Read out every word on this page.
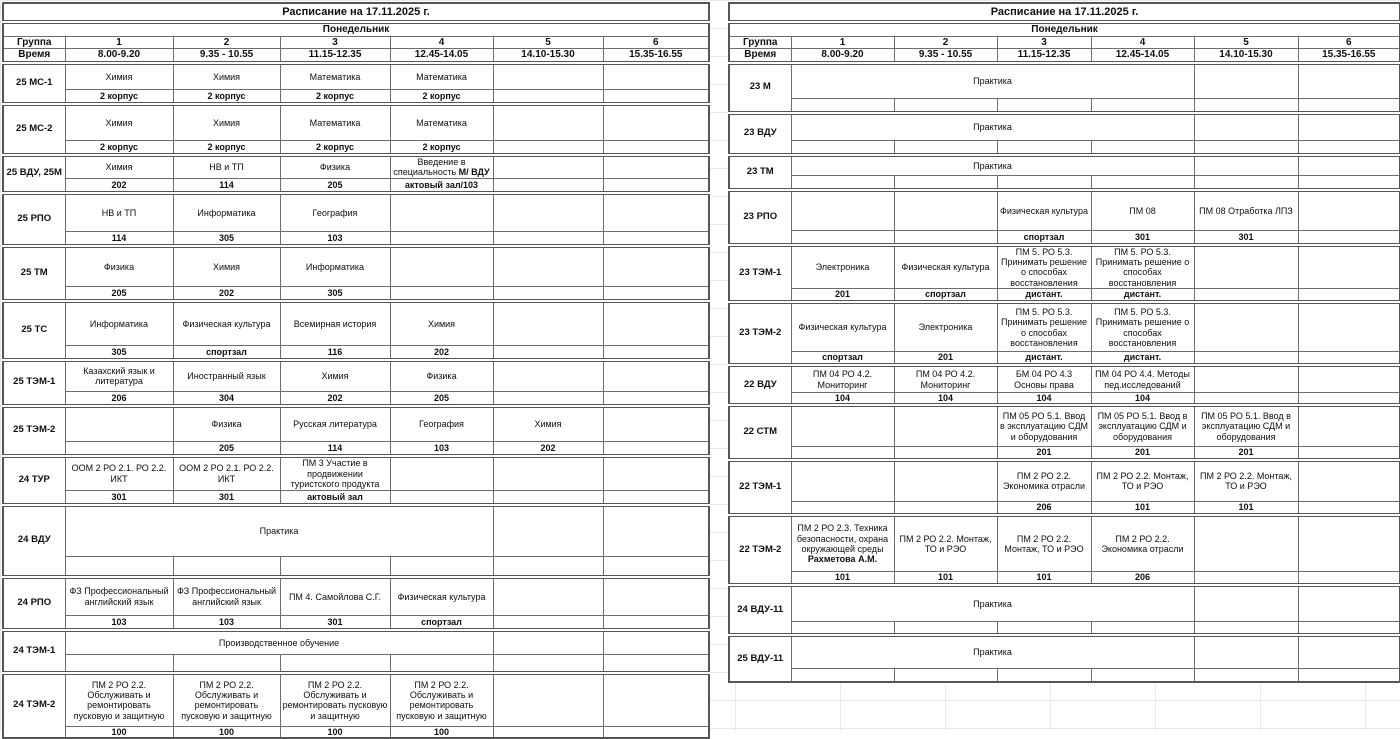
Расписание на 17.11.2025 г.						
Понедельник						
Группа	1	2	3	4	5	6
Время	8.00-9.20	9.35 - 10.55	11.15-12.35	12.45-14.05	14.10-15.30	15.35-16.55
25 МС-1	Химия	Химия	Математика	Математика		
	2 корпус	2 корпус	2 корпус	2 корпус		
25 МС-2	Химия	Химия	Математика	Математика		
	2 корпус	2 корпус	2 корпус	2 корпус		
25 ВДУ, 25М	Химия	НВ и ТП	Физика	Введение в специальность М/ ВДУ		
	202	114	205	актовый зал/103		
25 РПО	НВ и ТП	Информатика	География			
	114	305	103			
25 ТМ	Физика	Химия	Информатика			
	205	202	305			
25 ТС	Информатика	Физическая культура	Всемирная история	Химия		
	305	спортзал	116	202		
25 ТЭМ-1	Казахский язык и литература	Иностранный язык	Химия	Физика		
	206	304	202	205		
25 ТЭМ-2		Физика	Русская литература	География	Химия	
		205	114	103	202	
24 ТУР	ООМ 2 РО 2.1. РО 2.2. ИКТ	ООМ 2 РО 2.1. РО 2.2. ИКТ	ПМ 3 Участие в продвижении туристского продукта			
	301	301	актовый зал			
24 ВДУ	Практика					

24 РПО	ФЗ Профессиональный английский язык	ФЗ Профессиональный английский язык	ПМ 4. Самойлова С.Г.	Физическая культура		
	103	103	301	спортзал		
24 ТЭМ-1	Производственное обучение					

24 ТЭМ-2	ПМ 2 РО 2.2. Обслуживать и ремонтировать пусковую и защитную	ПМ 2 РО 2.2. Обслуживать и ремонтировать пусковую и защитную	ПМ 2 РО 2.2. Обслуживать и ремонтировать пусковую и защитную	ПМ 2 РО 2.2. Обслуживать и ремонтировать пусковую и защитную		
	100	100	100	100		
Расписание на 17.11.2025 г.						
Понедельник						
Группа	1	2	3	4	5	6
Время	8.00-9.20	9.35 - 10.55	11.15-12.35	12.45-14.05	14.10-15.30	15.35-16.55
23 М	Практика					

23 ВДУ	Практика					

23 ТМ	Практика					

23 РПО			Физическая культура	ПМ 08	ПМ 08 Отработка ЛПЗ	
			спортзал	301	301	
23 ТЭМ-1	Электроника	Физическая культура	ПМ 5. РО 5.3. Принимать решение о способах восстановления	ПМ 5. РО 5.3. Принимать решение о способах восстановления		
	201	спортзал	дистант.	дистант.		
23 ТЭМ-2	Физическая культура	Электроника	ПМ 5. РО 5.3. Принимать решение о способах восстановления	ПМ 5. РО 5.3. Принимать решение о способах восстановления		
	спортзал	201	дистант.	дистант.		
22 ВДУ	ПМ 04 РО 4.2. Мониторинг	ПМ 04 РО 4.2. Мониторинг	БМ 04 РО 4.3 Основы права	ПМ 04 РО 4.4. Методы пед.исследований		
	104	104	104	104		
22 СТМ			ПМ 05 РО 5.1. Ввод в эксплуатацию СДМ и оборудования	ПМ 05 РО 5.1. Ввод в эксплуатацию СДМ и оборудования	ПМ 05 РО 5.1. Ввод в эксплуатацию СДМ и оборудования	
			201	201	201	
22 ТЭМ-1			ПМ 2 РО 2.2. Экономика отрасли	ПМ 2 РО 2.2. Монтаж, ТО и РЭО	ПМ 2 РО 2.2. Монтаж, ТО и РЭО	
			206	101	101	
22 ТЭМ-2	ПМ 2 РО 2.3. Техника безопасности, охрана окружающей среды Рахметова А.М.	ПМ 2 РО 2.2. Монтаж, ТО и РЭО	ПМ 2 РО 2.2. Монтаж, ТО и РЭО	ПМ 2 РО 2.2. Экономика отрасли		
	101	101	101	206		
24 ВДУ-11	Практика					

25 ВДУ-11	Практика					
